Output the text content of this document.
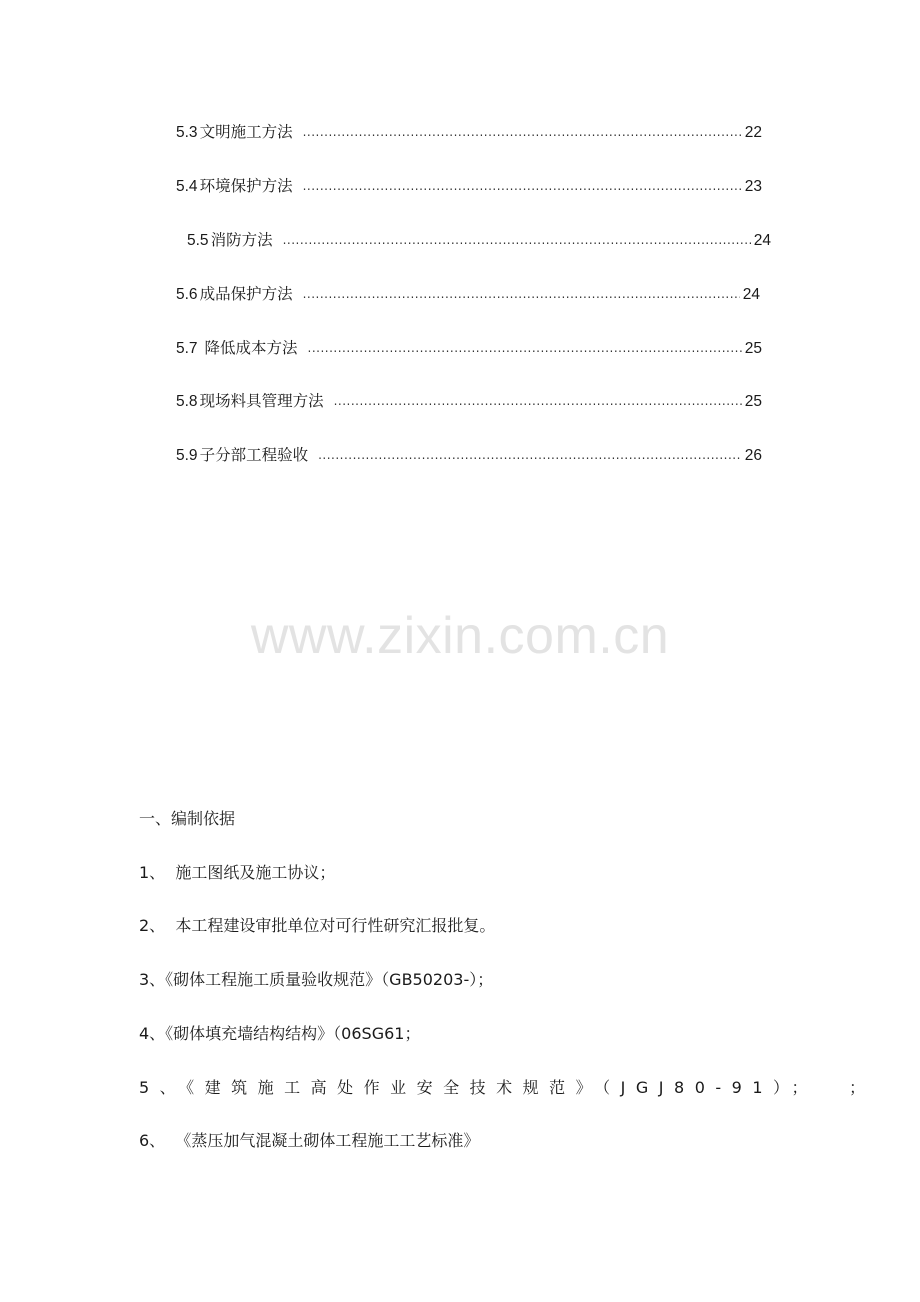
5.3 文明施工方法 .....	22
5.4 环境保护方法 .....	23
5.5 消防方法 .....	24
5.6 成品保护方法 .....	24
5.7 降低成本方法 .....	25
5.8 现场料具管理方法 .....	25
5.9 子分部工程验收 .....	26
www.zixin.com.cn
一、编制依据
1、  施工图纸及施工协议；
2、  本工程建设审批单位对可行性研究汇报批复。
3、《砌体工程施工质量验收规范》（GB50203-）；
4、《砌体填充墙结构结构》（06SG61；
5、《建筑施工高处作业安全技术规范》（JGJ80-91）；  ；
6、  《蒸压加气混凝土砌体工程施工工艺标准》
